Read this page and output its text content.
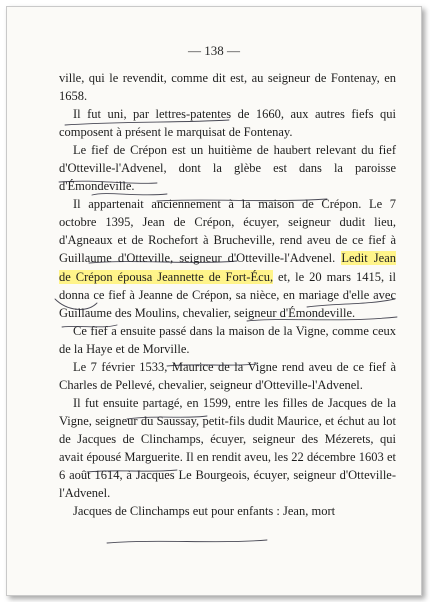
— 138 —

ville, qui le revendit, comme dit est, au seigneur de Fontenay, en 1658.

Il fut uni, par lettres-patentes de 1660, aux autres fiefs qui composent à présent le marquisat de Fontenay.

Le fief de Crépon est un huitième de haubert relevant du fief d'Otteville-l'Advenel, dont la glèbe est dans la paroisse d'Émondeville.

Il appartenait anciennement à la maison de Crépon. Le 7 octobre 1395, Jean de Crépon, écuyer, seigneur dudit lieu, d'Agneaux et de Rochefort à Brucheville, rend aveu de ce fief à Guillaume d'Otteville, seigneur d'Otteville-l'Advenel. Ledit Jean de Crépon épousa Jeannette de Fort-Écu, et, le 20 mars 1415, il donna ce fief à Jeanne de Crépon, sa nièce, en mariage d'elle avec Guillaume des Moulins, chevalier, seigneur d'Émondeville.

Ce fief a ensuite passé dans la maison de la Vigne, comme ceux de la Haye et de Morville.

Le 7 février 1533, Maurice de la Vigne rend aveu de ce fief à Charles de Pellevé, chevalier, seigneur d'Otteville-l'Advenel.

Il fut ensuite partagé, en 1599, entre les filles de Jacques de la Vigne, seigneur du Saussay, petit-fils dudit Maurice, et échut au lot de Jacques de Clinchamps, écuyer, seigneur des Mézerets, qui avait épousé Marguerite. Il en rendit aveu, les 22 décembre 1603 et 6 août 1614, à Jacques Le Bourgeois, écuyer, seigneur d'Otteville-l'Advenel.

Jacques de Clinchamps eut pour enfants : Jean, mort
